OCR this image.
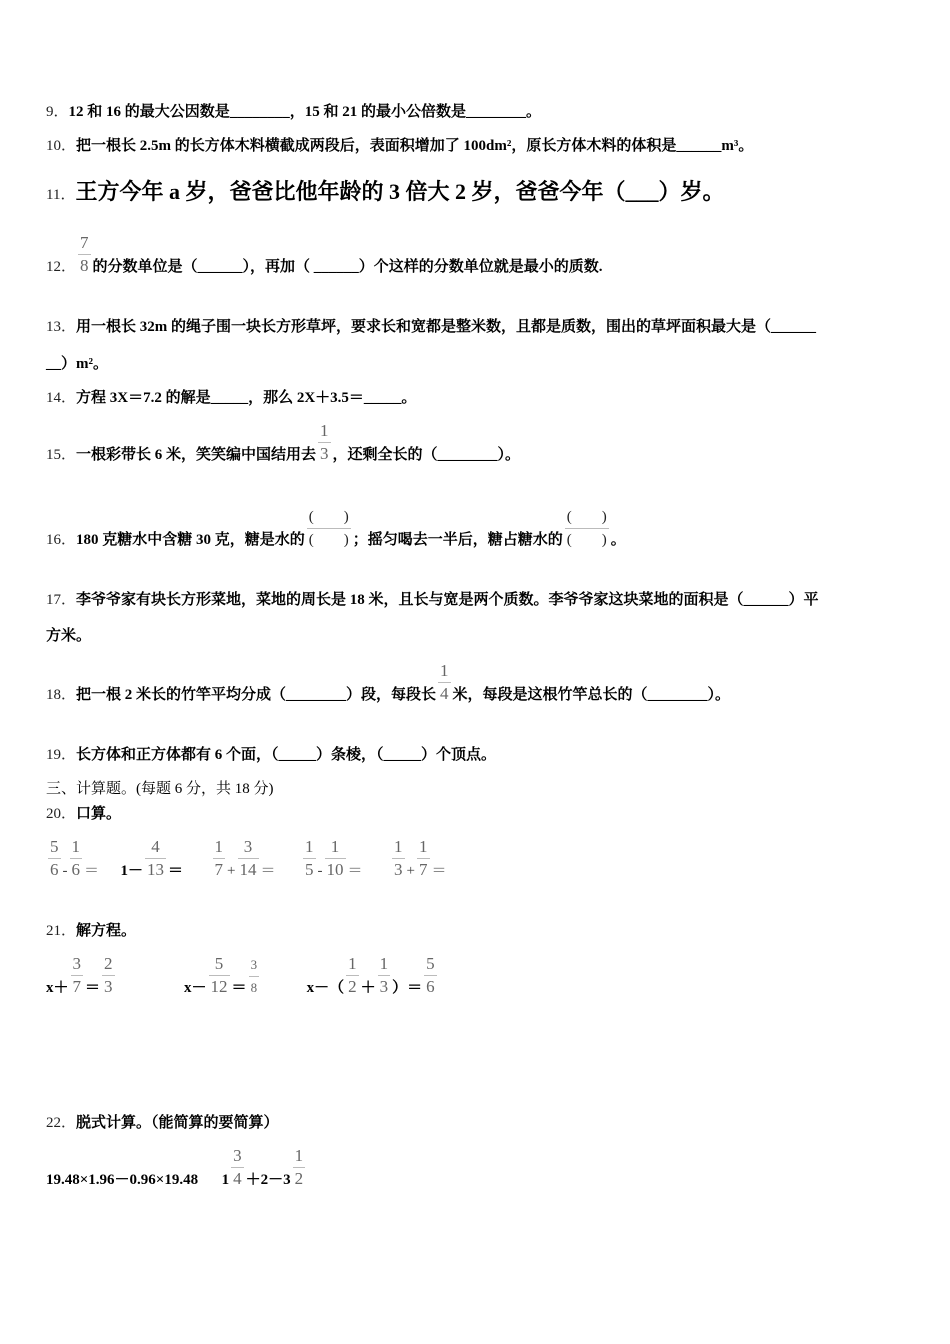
9．12 和 16 的最大公因数是________，15 和 21 的最小公倍数是________。
10．把一根长 2.5m 的长方体木料横截成两段后，表面积增加了 100dm²，原长方体木料的体积是______m³。
11．王方今年 a 岁，爸爸比他年龄的 3 倍大 2 岁，爸爸今年（___）岁。
12． $\frac{7}{8}$ 的分数单位是（______），再加（ ______）个这样的分数单位就是最小的质数.
13．用一根长 32m 的绳子围一块长方形草坪，要求长和宽都是整米数，且都是质数，围出的草坪面积最大是（______
__）m²。
14．方程 3X＝7.2 的解是_____，那么 2X＋3.5＝_____。
15．一根彩带长 6 米，笑笑编中国结用去 $\frac{1}{3}$ ，还剩全长的（________）。
16．180 克糖水中含糖 30 克，糖是水的 $\frac{( )}{( )}$ ；摇匀喝去一半后，糖占糖水的 $\frac{( )}{( )}$ 。
17．李爷爷家有块长方形菜地，菜地的周长是 18 米，且长与宽是两个质数。李爷爷家这块菜地的面积是（______）平
方米。
18．把一根 2 米长的竹竿平均分成（________）段，每段长 $\frac{1}{4}$ 米，每段是这根竹竿总长的（________）。
19．长方体和正方体都有 6 个面，（_____）条棱，（_____）个顶点。
三、计算题。(每题 6 分，共 18 分)
20．口算。
$\frac{5}{6} - \frac{1}{6} = 1- \frac{4}{13} = \frac{1}{7} + \frac{3}{14} = \frac{1}{5} - \frac{1}{10} = \frac{1}{3} + \frac{1}{7}$ ＝
21．解方程。
$x+ \frac{3}{7} = \frac{2}{3}$	$x- \frac{5}{12} = \frac{3}{8}$	$x-( \frac{1}{2} + \frac{1}{3}$ ）＝ $\frac{5}{6}$
22．脱式计算。（能简算的要简算）
19.48×1.96－0.96×19.48 $1 \frac{3}{4} +2-3 \frac{1}{2}$
